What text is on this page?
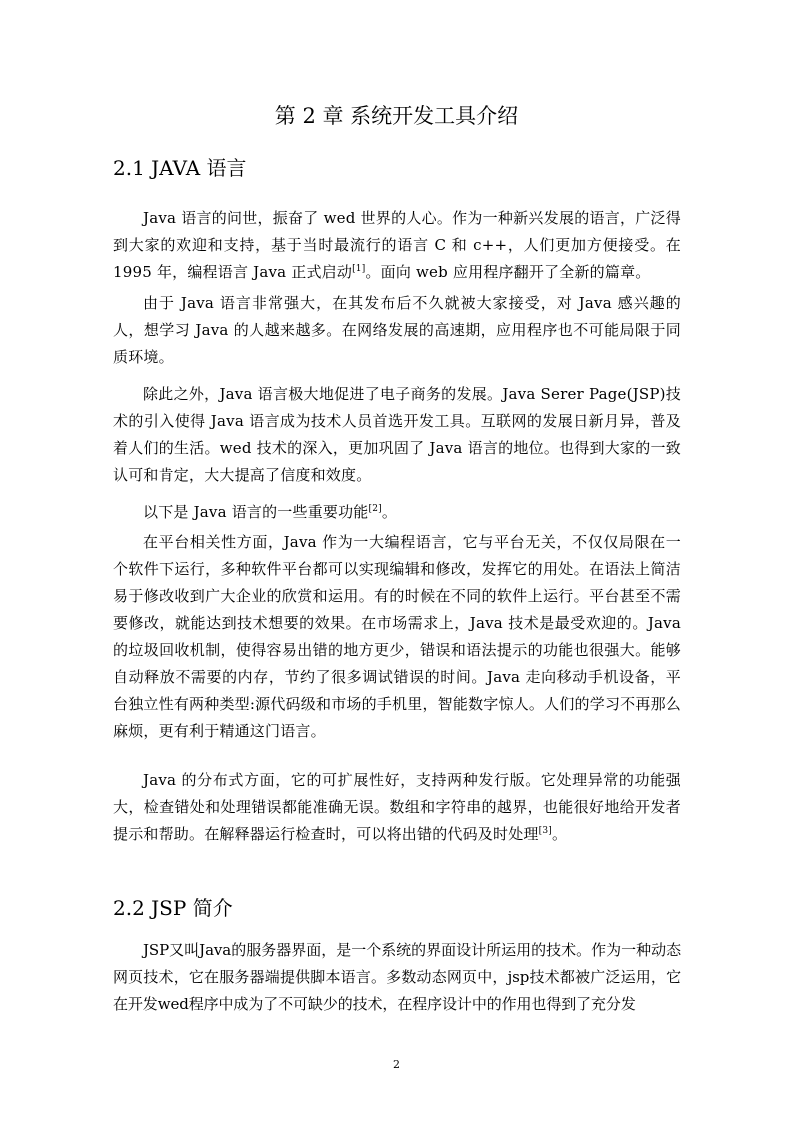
第 2 章 系统开发工具介绍
2.1 JAVA 语言

Java 语言的问世，振奋了 wed 世界的人心。作为一种新兴发展的语言，广泛得到大家的欢迎和支持，基于当时最流行的语言 C 和 c++，人们更加方便接受。在 1995 年，编程语言 Java 正式启动[1]。面向 web 应用程序翻开了全新的篇章。

由于 Java 语言非常强大，在其发布后不久就被大家接受，对 Java 感兴趣的人，想学习 Java 的人越来越多。在网络发展的高速期，应用程序也不可能局限于同质环境。

除此之外，Java 语言极大地促进了电子商务的发展。Java Serer Page(JSP)技术的引入使得 Java 语言成为技术人员首选开发工具。互联网的发展日新月异，普及着人们的生活。wed 技术的深入，更加巩固了 Java 语言的地位。也得到大家的一致认可和肯定，大大提高了信度和效度。

以下是 Java 语言的一些重要功能[2]。

在平台相关性方面，Java 作为一大编程语言，它与平台无关，不仅仅局限在一个软件下运行，多种软件平台都可以实现编辑和修改，发挥它的用处。在语法上简洁易于修改收到广大企业的欣赏和运用。有的时候在不同的软件上运行。平台甚至不需要修改，就能达到技术想要的效果。在市场需求上，Java 技术是最受欢迎的。Java 的垃圾回收机制，使得容易出错的地方更少，错误和语法提示的功能也很强大。能够自动释放不需要的内存，节约了很多调试错误的时间。Java 走向移动手机设备，平台独立性有两种类型:源代码级和市场的手机里，智能数字惊人。人们的学习不再那么麻烦，更有利于精通这门语言。

Java 的分布式方面，它的可扩展性好，支持两种发行版。它处理异常的功能强大，检查错处和处理错误都能准确无误。数组和字符串的越界，也能很好地给开发者提示和帮助。在解释器运行检查时，可以将出错的代码及时处理[3]。

2.2 JSP 简介

JSP又叫Java的服务器界面，是一个系统的界面设计所运用的技术。作为一种动态网页技术，它在服务器端提供脚本语言。多数动态网页中，jsp技术都被广泛运用，它在开发wed程序中成为了不可缺少的技术，在程序设计中的作用也得到了充分发

2
